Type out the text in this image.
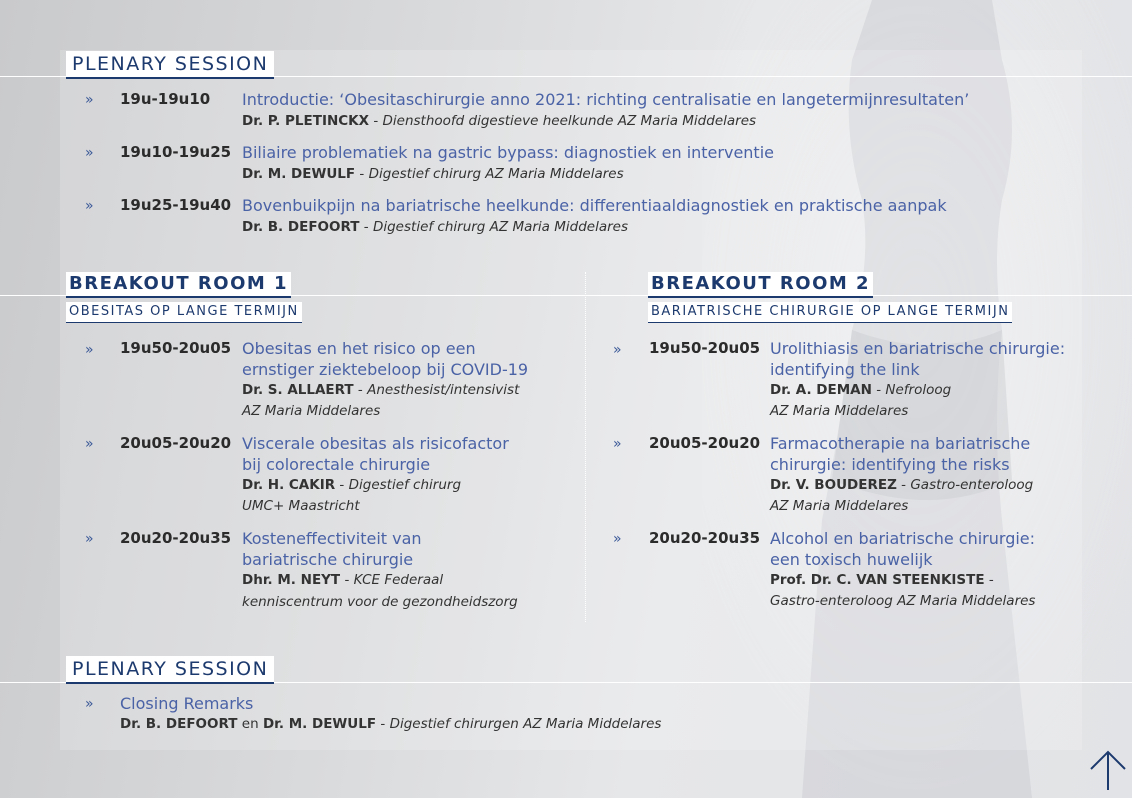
PLENARY SESSION
» 19u-19u10 Introductie: ‘Obesitaschirurgie anno 2021: richting centralisatie en langetermijnresultaten’
Dr. P. PLETINCKX - Diensthoofd digestieve heelkunde AZ Maria Middelares
» 19u10-19u25 Biliaire problematiek na gastric bypass: diagnostiek en interventie
Dr. M. DEWULF - Digestief chirurg AZ Maria Middelares
» 19u25-19u40 Bovenbuikpijn na bariatrische heelkunde: differentiaaldiagnostiek en praktische aanpak
Dr. B. DEFOORT - Digestief chirurg AZ Maria Middelares
BREAKOUT ROOM 1
OBESITAS OP LANGE TERMIJN
» 19u50-20u05 Obesitas en het risico op een
ernstiger ziektebeloop bij COVID-19
Dr. S. ALLAERT - Anesthesist/intensivist
AZ Maria Middelares
» 20u05-20u20 Viscerale obesitas als risicofactor
bij colorectale chirurgie
Dr. H. CAKIR - Digestief chirurg
UMC+ Maastricht
» 20u20-20u35 Kosteneffectiviteit van
bariatrische chirurgie
Dhr. M. NEYT - KCE Federaal
kenniscentrum voor de gezondheidszorg
BREAKOUT ROOM 2
BARIATRISCHE CHIRURGIE OP LANGE TERMIJN
» 19u50-20u05 Urolithiasis en bariatrische chirurgie:
identifying the link
Dr. A. DEMAN - Nefroloog
AZ Maria Middelares
» 20u05-20u20 Farmacotherapie na bariatrische
chirurgie: identifying the risks
Dr. V. BOUDEREZ - Gastro-enteroloog
AZ Maria Middelares
» 20u20-20u35 Alcohol en bariatrische chirurgie:
een toxisch huwelijk
Prof. Dr. C. VAN STEENKISTE -
Gastro-enteroloog AZ Maria Middelares
PLENARY SESSION
» Closing Remarks
Dr. B. DEFOORT en Dr. M. DEWULF - Digestief chirurgen AZ Maria Middelares
